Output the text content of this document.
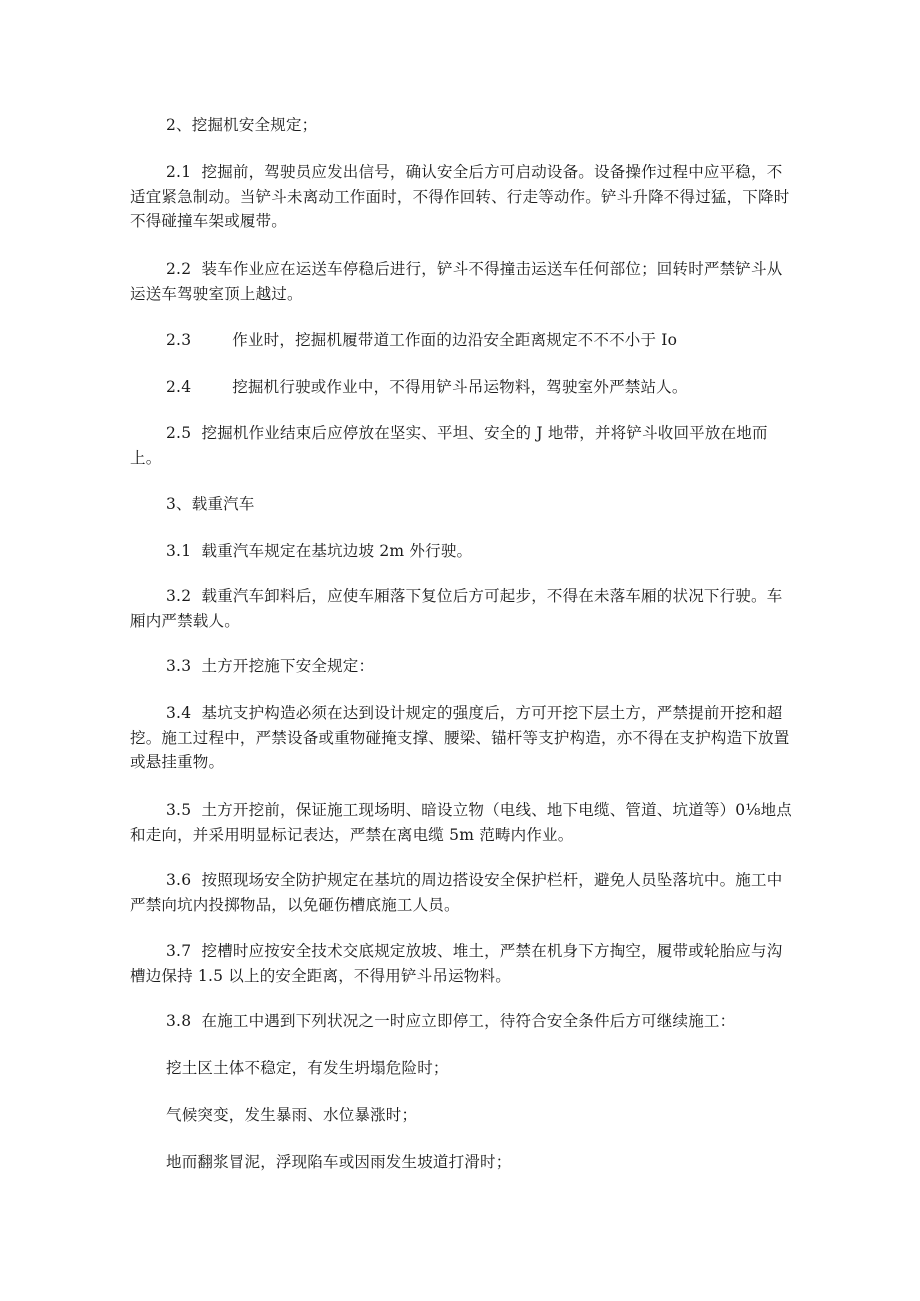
2、挖掘机安全规定；

2.1  挖掘前，驾驶员应发出信号，确认安全后方可启动设备。设备操作过程中应平稳，不适宜紧急制动。当铲斗未离动工作面时，不得作回转、行走等动作。铲斗升降不得过猛，下降时不得碰撞车架或履带。

2.2  装车作业应在运送车停稳后进行，铲斗不得撞击运送车任何部位；回转时严禁铲斗从运送车驾驶室顶上越过。

2.3        作业时，挖掘机履带道工作面的边沿安全距离规定不不不小于 Io

2.4        挖掘机行驶或作业中，不得用铲斗吊运物料，驾驶室外严禁站人。

2.5  挖掘机作业结束后应停放在坚实、平坦、安全的 J 地带，并将铲斗收回平放在地而上。

3、载重汽车

3.1  载重汽车规定在基坑边坡 2m 外行驶。

3.2  载重汽车卸料后，应使车厢落下复位后方可起步，不得在未落车厢的状况下行驶。车厢内严禁载人。

3.3  土方开挖施下安全规定：

3.4  基坑支护构造必须在达到设计规定的强度后，方可开挖下层土方，严禁提前开挖和超挖。施工过程中，严禁设备或重物碰掩支撑、腰梁、锚杆等支护构造，亦不得在支护构造下放置或悬挂重物。

3.5  土方开挖前，保证施工现场明、暗设立物（电线、地下电缆、管道、坑道等）0⅛地点和走向，并采用明显标记表达，严禁在离电缆 5m 范畴内作业。

3.6  按照现场安全防护规定在基坑的周边搭设安全保护栏杆，避免人员坠落坑中。施工中严禁向坑内投掷物品，以免砸伤槽底施工人员。

3.7  挖槽时应按安全技术交底规定放坡、堆土，严禁在机身下方掏空，履带或轮胎应与沟槽边保持 1.5 以上的安全距离，不得用铲斗吊运物料。

3.8  在施工中遇到下列状况之一时应立即停工，待符合安全条件后方可继续施工：

挖土区土体不稳定，有发生坍塌危险时；

气候突变，发生暴雨、水位暴涨时；

地而翻浆冒泥，浮现陷车或因雨发生坡道打滑时；
